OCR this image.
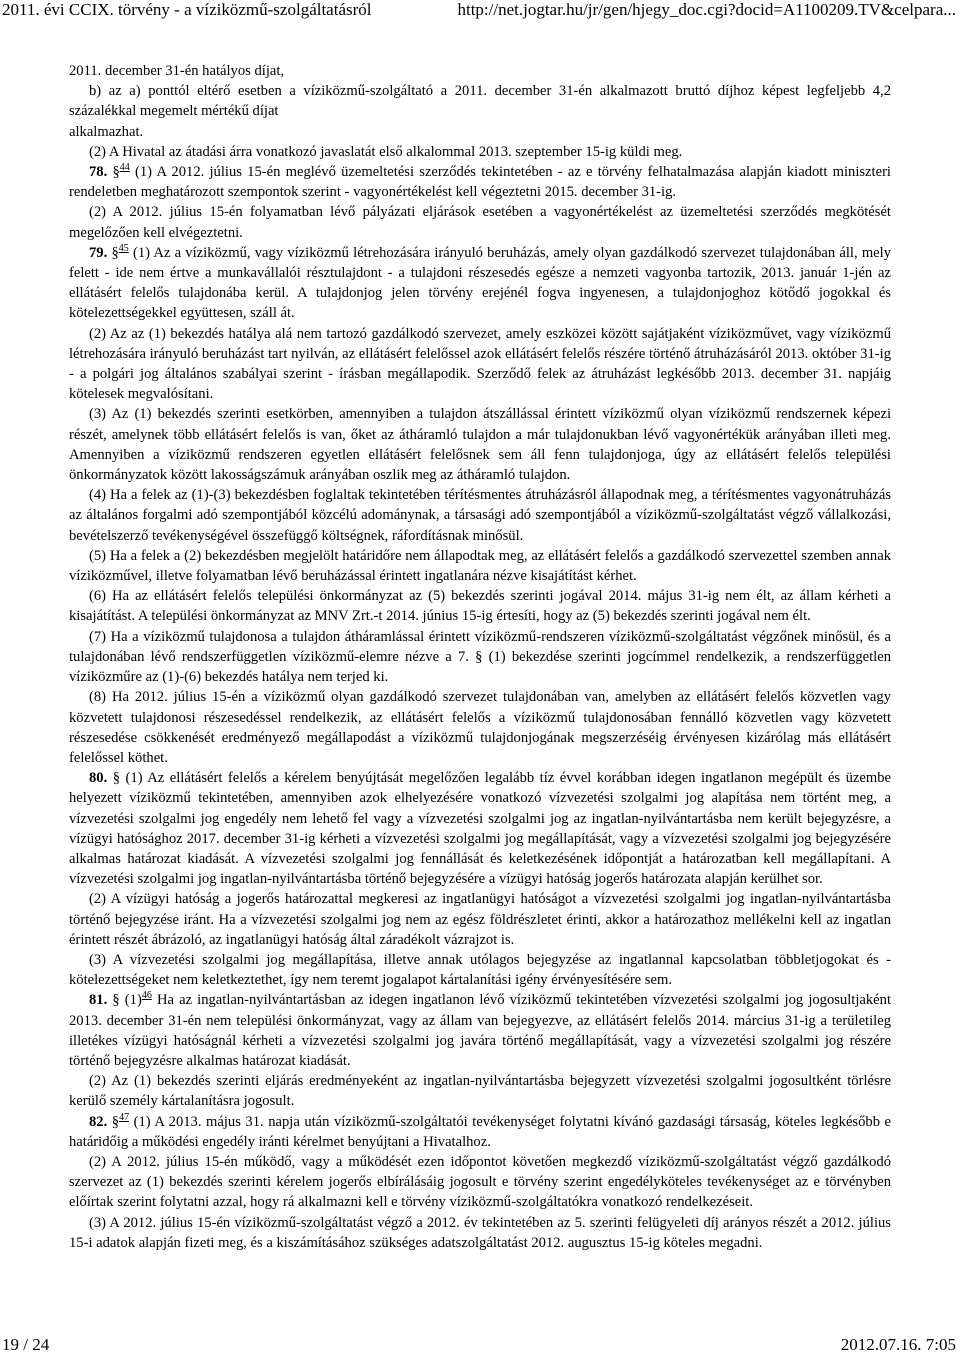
2011. évi CCIX. törvény - a víziközmű-szolgáltatásról	http://net.jogtar.hu/jr/gen/hjegy_doc.cgi?docid=A1100209.TV&celpara...

2011. december 31-én hatályos díjat,

b) az a) ponttól eltérő esetben a víziközmű-szolgáltató a 2011. december 31-én alkalmazott bruttó díjhoz képest legfeljebb 4,2 százalékkal megemelt mértékű díjat

alkalmazhat.

(2) A Hivatal az átadási árra vonatkozó javaslatát első alkalommal 2013. szeptember 15-ig küldi meg.

78. §$^{44}$ (1) A 2012. július 15-én meglévő üzemeltetési szerződés tekintetében - az e törvény felhatalmazása alapján kiadott miniszteri rendeletben meghatározott szempontok szerint - vagyonértékelést kell végeztetni 2015. december 31-ig.

(2) A 2012. július 15-én folyamatban lévő pályázati eljárások esetében a vagyonértékelést az üzemeltetési szerződés megkötését megelőzően kell elvégeztetni.

79. §$^{45}$ (1) Az a víziközmű, vagy víziközmű létrehozására irányuló beruházás, amely olyan gazdálkodó szervezet tulajdonában áll, mely felett - ide nem értve a munkavállalói résztulajdont - a tulajdoni részesedés egésze a nemzeti vagyonba tartozik, 2013. január 1-jén az ellátásért felelős tulajdonába kerül. A tulajdonjog jelen törvény erejénél fogva ingyenesen, a tulajdonjoghoz kötődő jogokkal és kötelezettségekkel együttesen, száll át.

(2) Az az (1) bekezdés hatálya alá nem tartozó gazdálkodó szervezet, amely eszközei között sajátjaként víziközművet, vagy víziközmű létrehozására irányuló beruházást tart nyilván, az ellátásért felelőssel azok ellátásért felelős részére történő átruházásáról 2013. október 31-ig - a polgári jog általános szabályai szerint - írásban megállapodik. Szerződő felek az átruházást legkésőbb 2013. december 31. napjáig kötelesek megvalósítani.

(3) Az (1) bekezdés szerinti esetkörben, amennyiben a tulajdon átszállással érintett víziközmű olyan víziközmű rendszernek képezi részét, amelynek több ellátásért felelős is van, őket az átháramló tulajdon a már tulajdonukban lévő vagyonértékük arányában illeti meg. Amennyiben a víziközmű rendszeren egyetlen ellátásért felelősnek sem áll fenn tulajdonjoga, úgy az ellátásért felelős települési önkormányzatok között lakosságszámuk arányában oszlik meg az átháramló tulajdon.

(4) Ha a felek az (1)-(3) bekezdésben foglaltak tekintetében térítésmentes átruházásról állapodnak meg, a térítésmentes vagyonátruházás az általános forgalmi adó szempontjából közcélú adománynak, a társasági adó szempontjából a víziközmű-szolgáltatást végző vállalkozási, bevételszerző tevékenységével összefüggő költségnek, ráfordításnak minősül.

(5) Ha a felek a (2) bekezdésben megjelölt határidőre nem állapodtak meg, az ellátásért felelős a gazdálkodó szervezettel szemben annak víziközművel, illetve folyamatban lévő beruházással érintett ingatlanára nézve kisajátítást kérhet.

(6) Ha az ellátásért felelős települési önkormányzat az (5) bekezdés szerinti jogával 2014. május 31-ig nem élt, az állam kérheti a kisajátítást. A települési önkormányzat az MNV Zrt.-t 2014. június 15-ig értesíti, hogy az (5) bekezdés szerinti jogával nem élt.

(7) Ha a víziközmű tulajdonosa a tulajdon átháramlással érintett víziközmű-rendszeren víziközmű-szolgáltatást végzőnek minősül, és a tulajdonában lévő rendszerfüggetlen víziközmű-elemre nézve a 7. § (1) bekezdése szerinti jogcímmel rendelkezik, a rendszerfüggetlen víziközműre az (1)-(6) bekezdés hatálya nem terjed ki.

(8) Ha 2012. július 15-én a víziközmű olyan gazdálkodó szervezet tulajdonában van, amelyben az ellátásért felelős közvetlen vagy közvetett tulajdonosi részesedéssel rendelkezik, az ellátásért felelős a víziközmű tulajdonosában fennálló közvetlen vagy közvetett részesedése csökkenését eredményező megállapodást a víziközmű tulajdonjogának megszerzéséig érvényesen kizárólag más ellátásért felelőssel köthet.

80. § (1) Az ellátásért felelős a kérelem benyújtását megelőzően legalább tíz évvel korábban idegen ingatlanon megépült és üzembe helyezett víziközmű tekintetében, amennyiben azok elhelyezésére vonatkozó vízvezetési szolgalmi jog alapítása nem történt meg, a vízvezetési szolgalmi jog engedély nem lehető fel vagy a vízvezetési szolgalmi jog az ingatlan-nyilvántartásba nem került bejegyzésre, a vízügyi hatósághoz 2017. december 31-ig kérheti a vízvezetési szolgalmi jog megállapítását, vagy a vízvezetési szolgalmi jog bejegyzésére alkalmas határozat kiadását. A vízvezetési szolgalmi jog fennállását és keletkezésének időpontját a határozatban kell megállapítani. A vízvezetési szolgalmi jog ingatlan-nyilvántartásba történő bejegyzésére a vízügyi hatóság jogerős határozata alapján kerülhet sor.

(2) A vízügyi hatóság a jogerős határozattal megkeresi az ingatlanügyi hatóságot a vízvezetési szolgalmi jog ingatlan-nyilvántartásba történő bejegyzése iránt. Ha a vízvezetési szolgalmi jog nem az egész földrészletet érinti, akkor a határozathoz mellékelni kell az ingatlan érintett részét ábrázoló, az ingatlanügyi hatóság által záradékolt vázrajzot is.

(3) A vízvezetési szolgalmi jog megállapítása, illetve annak utólagos bejegyzése az ingatlannal kapcsolatban többletjogokat és -kötelezettségeket nem keletkeztethet, így nem teremt jogalapot kártalanítási igény érvényesítésére sem.

81. § $(1)^{46}$ Ha az ingatlan-nyilvántartásban az idegen ingatlanon lévő víziközmű tekintetében vízvezetési szolgalmi jog jogosultjaként 2013. december 31-én nem települési önkormányzat, vagy az állam van bejegyezve, az ellátásért felelős 2014. március 31-ig a területileg illetékes vízügyi hatóságnál kérheti a vízvezetési szolgalmi jog javára történő megállapítását, vagy a vízvezetési szolgalmi jog részére történő bejegyzésre alkalmas határozat kiadását.

(2) Az (1) bekezdés szerinti eljárás eredményeként az ingatlan-nyilvántartásba bejegyzett vízvezetési szolgalmi jogosultként törlésre kerülő személy kártalanításra jogosult.

82. §$^{47}$ (1) A 2013. május 31. napja után víziközmű-szolgáltatói tevékenységet folytatni kívánó gazdasági társaság, köteles legkésőbb e határidőig a működési engedély iránti kérelmet benyújtani a Hivatalhoz.

(2) A 2012. július 15-én működő, vagy a működését ezen időpontot követően megkezdő víziközmű-szolgáltatást végző gazdálkodó szervezet az (1) bekezdés szerinti kérelem jogerős elbírálásáig jogosult e törvény szerint engedélyköteles tevékenységet az e törvényben előírtak szerint folytatni azzal, hogy rá alkalmazni kell e törvény víziközmű-szolgáltatókra vonatkozó rendelkezéseit.

(3) A 2012. július 15-én víziközmű-szolgáltatást végző a 2012. év tekintetében az 5. szerinti felügyeleti díj arányos részét a 2012. július 15-i adatok alapján fizeti meg, és a kiszámításához szükséges adatszolgáltatást 2012. augusztus 15-ig köteles megadni.

19 / 24	2012.07.16. 7:05
